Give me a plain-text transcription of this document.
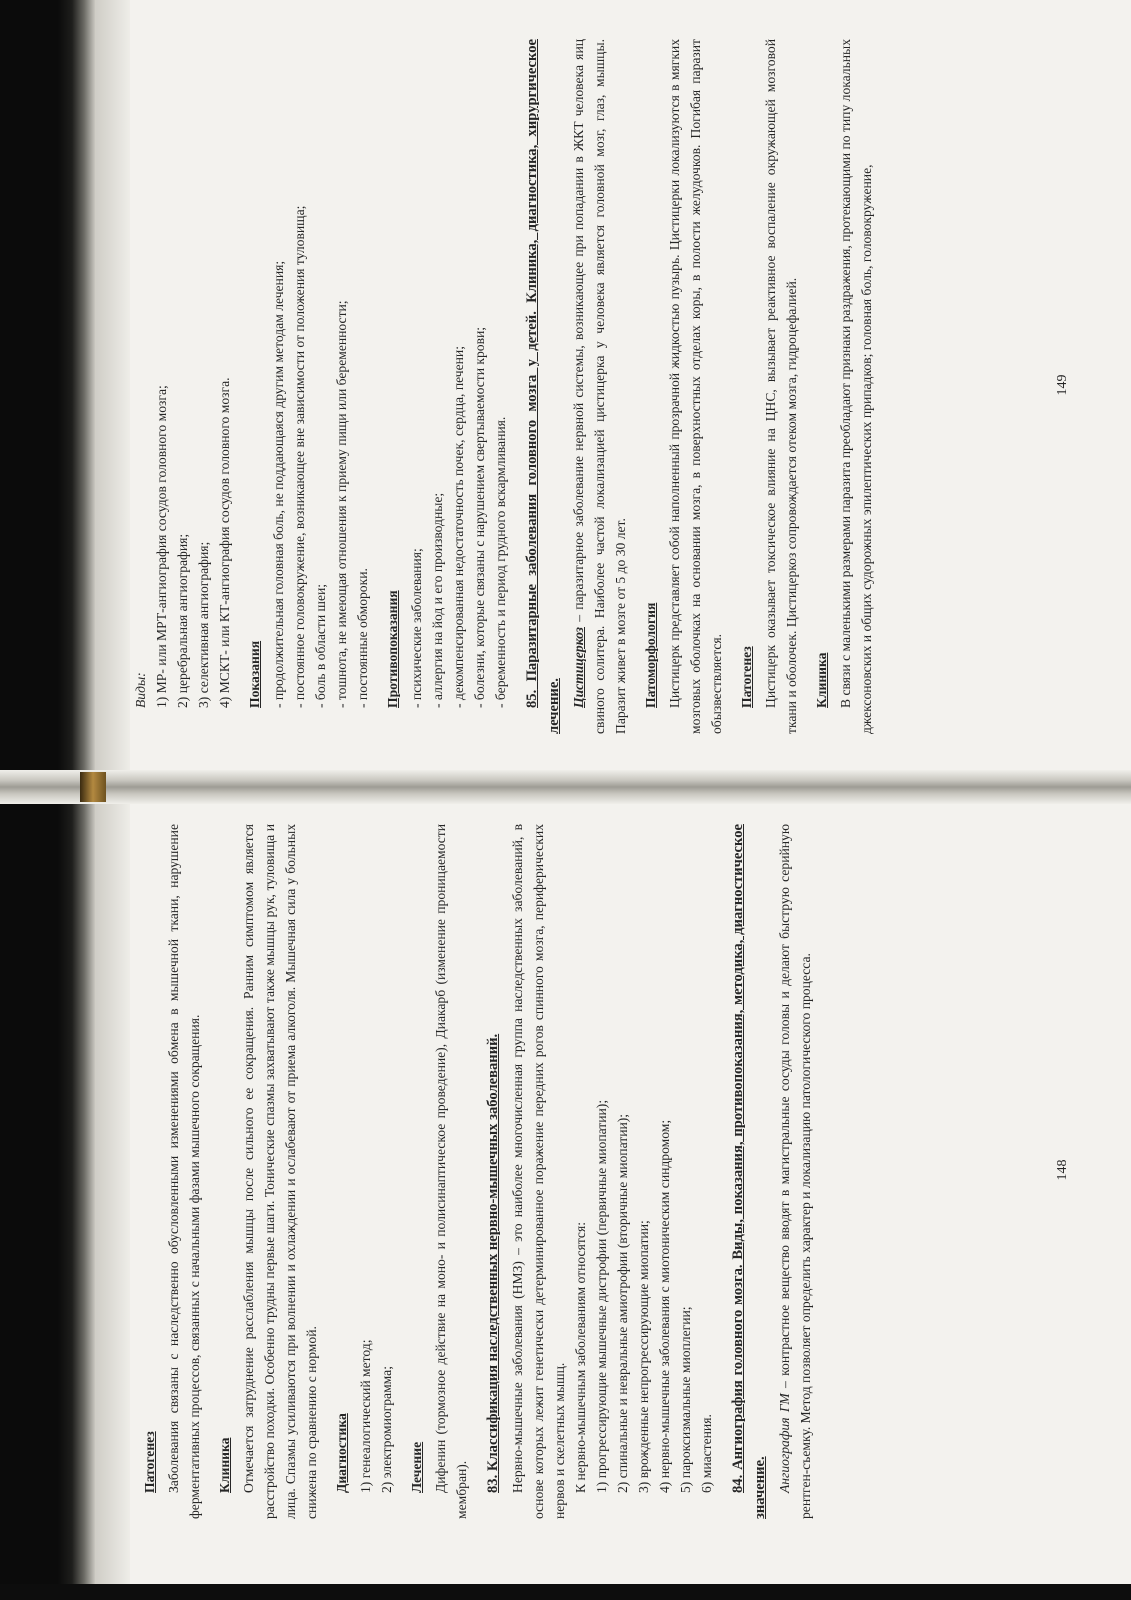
Патогенез Заболевания связаны с наследственно обусловленными изменениями обмена в мышечной ткани, нарушение ферментативных процессов, связанных с начальными фазами мышечного сокращения. Клиника Отмечается затруднение расслабления мышцы после сильного ее сокращения. Ранним симптомом является расстройство походки. Особенно трудны первые шаги. Тонические спазмы захватывают также мышцы рук, туловища и лица. Спазмы усиливаются при волнении и охлаждении и ослабевают от приема алкоголя. Мышечная сила у больных снижена по сравнению с нормой. Диагностика 1) генеалогический метод; 2) электромиограмма; Лечение Дифенин (тормозное действие на моно- и полисинаптическое проведение), Диакарб (изменение проницаемости мембран). 83. Классификация наследственных нервно-мышечных заболеваний. Нервно-мышечные заболевания (НМЗ) – это наиболее многочисленная группа наследственных заболеваний, в основе которых лежит генетически детерминированное поражение передних рогов спинного мозга, периферических нервов и скелетных мышц. К нервно-мышечным заболеваниям относятся: 1) прогрессирующие мышечные дистрофии (первичные миопатии); 2) спинальные и невральные амиотрофии (вторичные миопатии); 3) врожденные непрогрессирующие миопатии; 4) нервно-мышечные заболевания с миотоническим синдромом; 5) пароксизмальные миоплегии; 6) миастения. 84. Ангиография головного мозга. Виды, показания, противопоказания, методика, диагностическое значение. Ангиография ГМ – контрастное вещество вводят в магистральные сосуды головы и делают быструю серийную рентген-съемку. Метод позволяет определить характер и локализацию патологического процесса.	148

Виды: 1) МР- или МРТ-ангиография сосудов головного мозга; 2) церебральная ангиография; 3) селективная ангиография; 4) МСКТ- или КТ-ангиография сосудов головного мозга. Показания - продолжительная головная боль, не поддающаяся другим методам лечения; - постоянное головокружение, возникающее вне зависимости от положения туловища; - боль в области шеи; - тошнота, не имеющая отношения к приему пищи или беременности; - постоянные обмороки. Противопоказания - психические заболевания; - аллергия на йод и его производные; - декомпенсированная недостаточность почек, сердца, печени; - болезни, которые связаны с нарушением свертываемости крови; - беременность и период грудного вскармливания. 85. Паразитарные заболевания головного мозга у детей. Клиника, диагностика, хирургическое лечение. Цистицеркоз – паразитарное заболевание нервной системы, возникающее при попадании в ЖКТ человека яиц свиного солитера. Наиболее частой локализацией цистицерка у человека является головной мозг, глаз, мышцы. Паразит живет в мозге от 5 до 30 лет. Патоморфология Цистицерк представляет собой наполненный прозрачной жидкостью пузырь. Цистицерки локализуются в мягких мозговых оболочках на основании мозга, в поверхностных отделах коры, в полости желудочков. Погибая паразит обызвествляется. Патогенез Цистицерк оказывает токсическое влияние на ЦНС, вызывает реактивное воспаление окружающей мозговой ткани и оболочек. Цистицеркоз сопровождается отеком мозга, гидроцефалией. Клиника В связи с маленькими размерами паразита преобладают признаки раздражения, протекающими по типу локальных джексоновских и общих судорожных эпилептических припадков; головная боль, головокружение,	149
